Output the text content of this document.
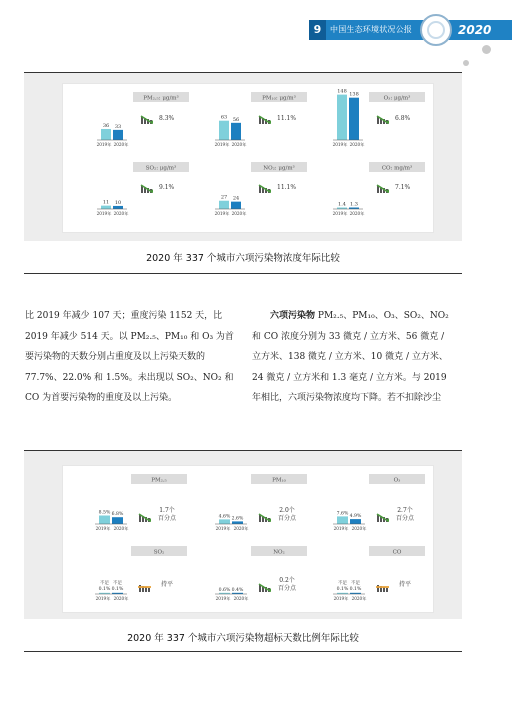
9	中国生态环境状况公报	2020
PM₂.₅: μg/m³
36 33
2019年 2020年
8.3%
PM₁₀: μg/m³
63 56
2019年 2020年
11.1%
O₃: μg/m³
148
138
2019年 2020年
6.8%
SO₂: μg/m³
11 10
2019年 2020年
9.1%
NO₂: μg/m³
27 24
2019年 2020年
11.1%
CO: mg/m³
1.4 1.3
2019年 2020年
7.1%
2020 年 337 个城市六项污染物浓度年际比较
比 2019 年减少 107 天；重度污染 1152 天，比
2019 年减少 514 天。以 PM₂.₅、PM₁₀ 和 O₃ 为首
要污染物的天数分别占重度及以上污染天数的
77.7%、22.0% 和 1.5%。未出现以 SO₂、NO₂ 和
CO 为首要污染物的重度及以上污染。
六项污染物 PM₂.₅、PM₁₀、O₃、SO₂、NO₂
和 CO 浓度分别为 33 微克 / 立方米、56 微克 /
立方米、138 微克 / 立方米、10 微克 / 立方米、
24 微克 / 立方米和 1.3 毫克 / 立方米。与 2019
年相比，六项污染物浓度均下降。若不扣除沙尘
PM₂.₅
8.5% 6.8%
2019年 2020年
1.7个
百分点
PM₁₀
4.6% 2.6%
2019年 2020年
2.0个
百分点
O₃
7.6%
4.9%
2019年 2020年
2.7个
百分点
SO₂
不足
0.1%
不足
0.1%
2019年 2020年
持平
NO₂
0.6% 0.4%
2019年 2020年
0.2个
百分点
CO
不足
0.1%
不足
0.1%
2019年 2020年
持平
2020 年 337 个城市六项污染物超标天数比例年际比较
